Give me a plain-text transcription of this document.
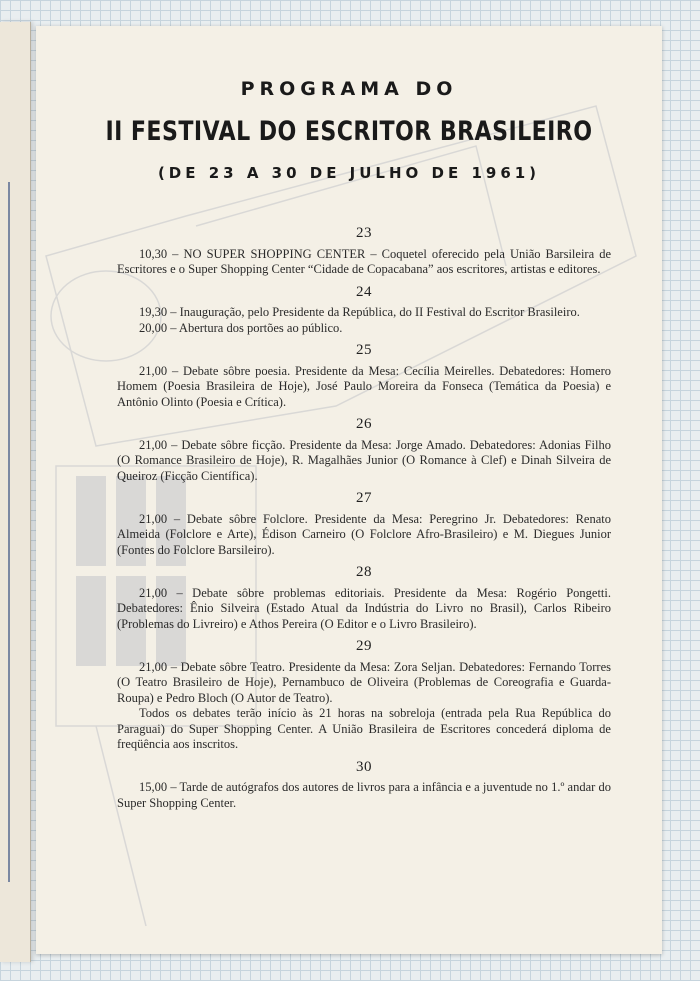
PROGRAMA DO
II FESTIVAL DO ESCRITOR BRASILEIRO
(DE 23 A 30 DE JULHO DE 1961)
23

10,30 – NO SUPER SHOPPING CENTER – Coquetel oferecido pela União Barsileira de Escritores e o Super Shopping Center “Cidade de Copacabana” aos escritores, artistas e editores.

24

19,30 – Inauguração, pelo Presidente da República, do II Festival do Escritor Brasileiro.

20,00 – Abertura dos portões ao público.

25

21,00 – Debate sôbre poesia. Presidente da Mesa: Cecília Meirelles. Debatedores: Homero Homem (Poesia Brasileira de Hoje), José Paulo Moreira da Fonseca (Temática da Poesia) e Antônio Olinto (Poesia e Crítica).

26

21,00 – Debate sôbre ficção. Presidente da Mesa: Jorge Amado. Debatedores: Adonias Filho (O Romance Brasileiro de Hoje), R. Magalhães Junior (O Romance à Clef) e Dinah Silveira de Queiroz (Ficção Científica).

27

21,00 – Debate sôbre Folclore. Presidente da Mesa: Peregrino Jr. Debatedores: Renato Almeida (Folclore e Arte), Édison Carneiro (O Folclore Afro-Brasileiro) e M. Diegues Junior (Fontes do Folclore Barsileiro).

28

21,00 – Debate sôbre problemas editoriais. Presidente da Mesa: Rogério Pongetti. Debatedores: Ênio Silveira (Estado Atual da Indústria do Livro no Brasil), Carlos Ribeiro (Problemas do Livreiro) e Athos Pereira (O Editor e o Livro Brasileiro).

29

21,00 – Debate sôbre Teatro. Presidente da Mesa: Zora Seljan. Debatedores: Fernando Torres (O Teatro Brasileiro de Hoje), Pernambuco de Oliveira (Problemas de Coreografia e Guarda-Roupa) e Pedro Bloch (O Autor de Teatro).

Todos os debates terão início às 21 horas na sobreloja (entrada pela Rua República do Paraguai) do Super Shopping Center. A União Brasileira de Escritores concederá diploma de freqüência aos inscritos.

30

15,00 – Tarde de autógrafos dos autores de livros para a infância e a juventude no 1.º andar do Super Shopping Center.
